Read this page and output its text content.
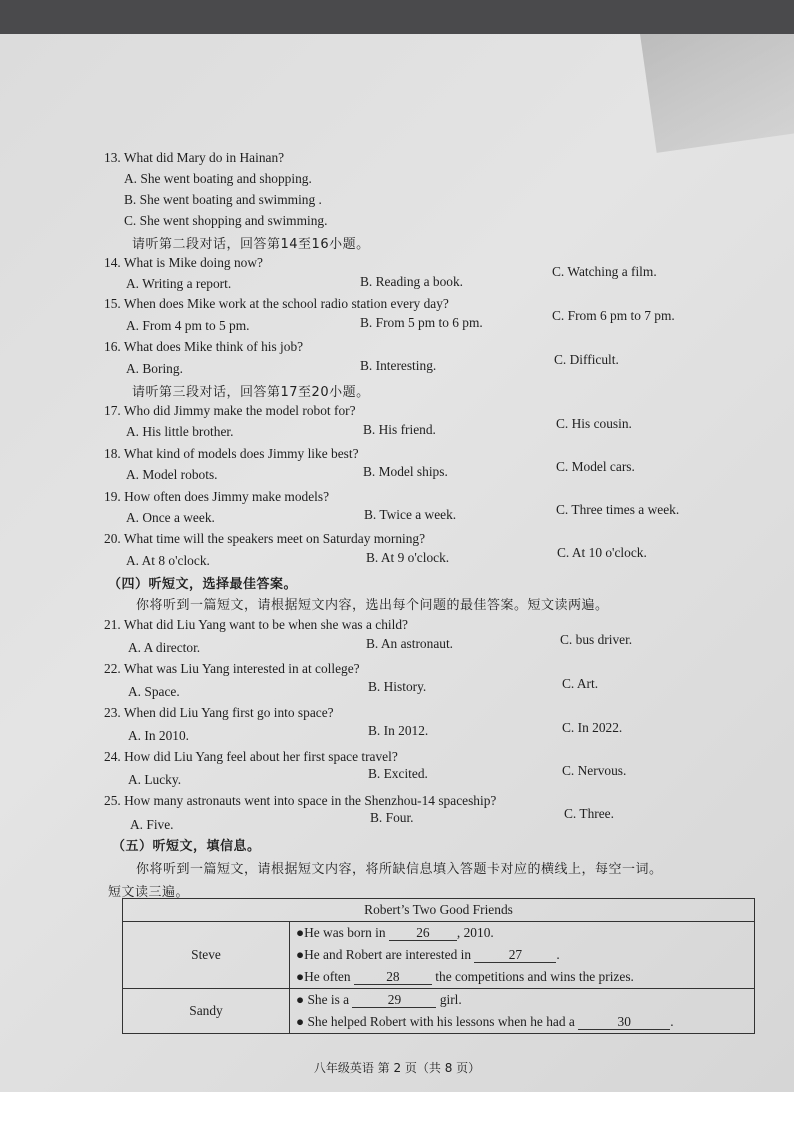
13. What did Mary do in Hainan?
A. She went boating and shopping.
B. She went boating and swimming .
C. She went shopping and swimming.
请听第二段对话，回答第14至16小题。
14. What is Mike doing now?
A. Writing a report.	B. Reading a book.
C. Watching a film.
15. When does Mike work at the school radio station every day?
A. From 4 pm to 5 pm.	B. From 5 pm to 6 pm.	C. From 6 pm to 7 pm.
16. What does Mike think of his job?
A. Boring.	B. Interesting.	C. Difficult.
请听第三段对话，回答第17至20小题。
17. Who did Jimmy make the model robot for?
A. His little brother.	B. His friend.	C. His cousin.
18. What kind of models does Jimmy like best?
A. Model robots.	B. Model ships.	C. Model cars.
19. How often does Jimmy make models?
A. Once a week.	B. Twice a week.	C. Three times a week.
20. What time will the speakers meet on Saturday morning?
A. At 8 o'clock.	B. At 9 o'clock.	C. At 10 o'clock.
（四）听短文，选择最佳答案。
你将听到一篇短文，请根据短文内容，选出每个问题的最佳答案。短文读两遍。
21. What did Liu Yang want to be when she was a child?
A. A director.	B. An astronaut.	C. bus driver.
22. What was Liu Yang interested in at college?
A. Space.	B. History.	C. Art.
23. When did Liu Yang first go into space?
A. In 2010.	B. In 2012.	C. In 2022.
24. How did Liu Yang feel about her first space travel?
A. Lucky.	B. Excited.	C. Nervous.
25. How many astronauts went into space in the Shenzhou-14 spaceship?
A. Five.	B. Four.	C. Three.
（五）听短文，填信息。
你将听到一篇短文，请根据短文内容，将所缺信息填入答题卡对应的横线上，每空一词。
短文读三遍。
Robert’s Two Good Friends	
Steve	●He was born in 26 , 2010.
●He and Robert are interested in 27 .
●He often 28 the competitions and wins the prizes.

Sandy	● She is a 29 girl.
● She helped Robert with his lessons when he had a 30 .
八年级英语 第 2 页（共 8 页）
